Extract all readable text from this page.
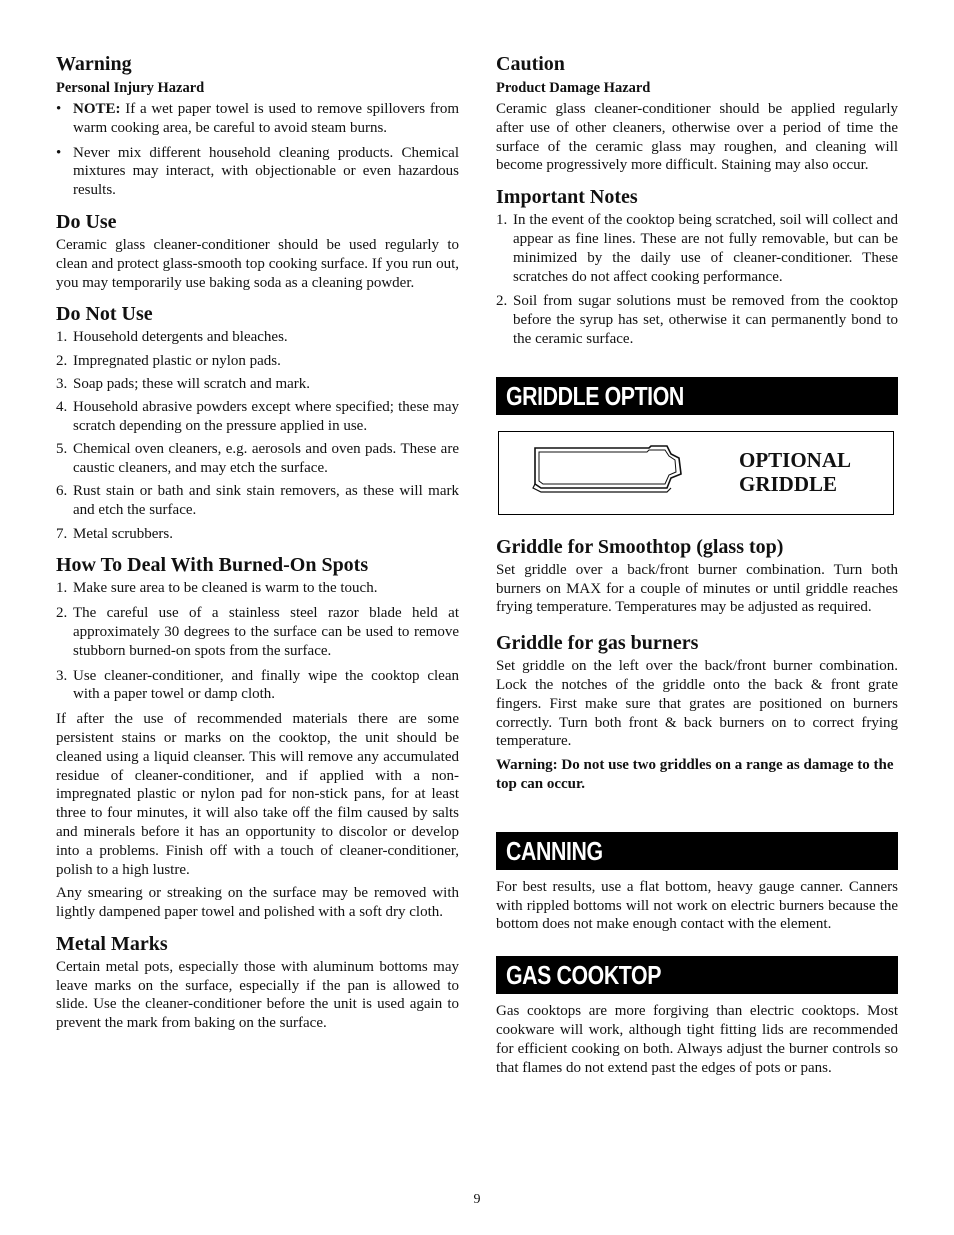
Warning
Personal Injury Hazard
• NOTE: If a wet paper towel is used to remove spillovers from warm cooking area, be careful to avoid steam burns.
• Never mix different household cleaning products. Chemical mixtures may interact, with objectionable or even hazardous results.
Do Use

Ceramic glass cleaner-conditioner should be used regularly to clean and protect glass-smooth top cooking surface. If you run out, you may temporarily use baking soda as a cleaning powder.

Do Not Use
1. Household detergents and bleaches.
2. Impregnated plastic or nylon pads.
3. Soap pads; these will scratch and mark.
4. Household abrasive powders except where specified; these may scratch depending on the pressure applied in use.
5. Chemical oven cleaners, e.g. aerosols and oven pads. These are caustic cleaners, and may etch the surface.
6. Rust stain or bath and sink stain removers, as these will mark and etch the surface.
7. Metal scrubbers.
How To Deal With Burned-On Spots
1. Make sure area to be cleaned is warm to the touch.
2. The careful use of a stainless steel razor blade held at approximately 30 degrees to the surface can be used to remove stubborn burned-on spots from the surface.
3. Use cleaner-conditioner, and finally wipe the cooktop clean with a paper towel or damp cloth.

If after the use of recommended materials there are some persistent stains or marks on the cooktop, the unit should be cleaned using a liquid cleanser. This will remove any accumulated residue of cleaner-conditioner, and if applied with a non-impregnated plastic or nylon pad for non-stick pans, for at least three to four minutes, it will also take off the film caused by salts and minerals before it has an opportunity to discolor or develop into a problems. Finish off with a touch of cleaner-conditioner, polish to a high lustre.

Any smearing or streaking on the surface may be removed with lightly dampened paper towel and polished with a soft dry cloth.

Metal Marks

Certain metal pots, especially those with aluminum bottoms may leave marks on the surface, especially if the pan is allowed to slide. Use the cleaner-conditioner before the unit is used again to prevent the mark from baking on the surface.

Caution
Product Damage Hazard

Ceramic glass cleaner-conditioner should be applied regularly after use of other cleaners, otherwise over a period of time the surface of the ceramic glass may roughen, and cleaning will become progressively more difficult. Staining may also occur.

Important Notes
1. In the event of the cooktop being scratched, soil will collect and appear as fine lines. These are not fully removable, but can be minimized by the daily use of cleaner-conditioner. These scratches do not affect cooking performance.
2. Soil from sugar solutions must be removed from the cooktop before the syrup has set, otherwise it can permanently bond to the ceramic surface.
GRIDDLE OPTION
OPTIONAL
GRIDDLE
Griddle for Smoothtop (glass top)

Set griddle over a back/front burner combination. Turn both burners on MAX for a couple of minutes or until griddle reaches frying temperature. Temperatures may be adjusted as required.

Griddle for gas burners

Set griddle on the left over the back/front burner combination. Lock the notches of the griddle onto the back & front grate fingers. First make sure that grates are positioned on burners correctly. Turn both front & back burners on to correct frying temperature.

Warning: Do not use two griddles on a range as damage to the top can occur.

CANNING

For best results, use a flat bottom, heavy gauge canner. Canners with rippled bottoms will not work on electric burners because the bottom does not make enough contact with the element.

GAS COOKTOP

Gas cooktops are more forgiving than electric cooktops. Most cookware will work, although tight fitting lids are recommended for efficient cooking on both. Always adjust the burner controls so that flames do not extend past the edges of pots or pans.

9
